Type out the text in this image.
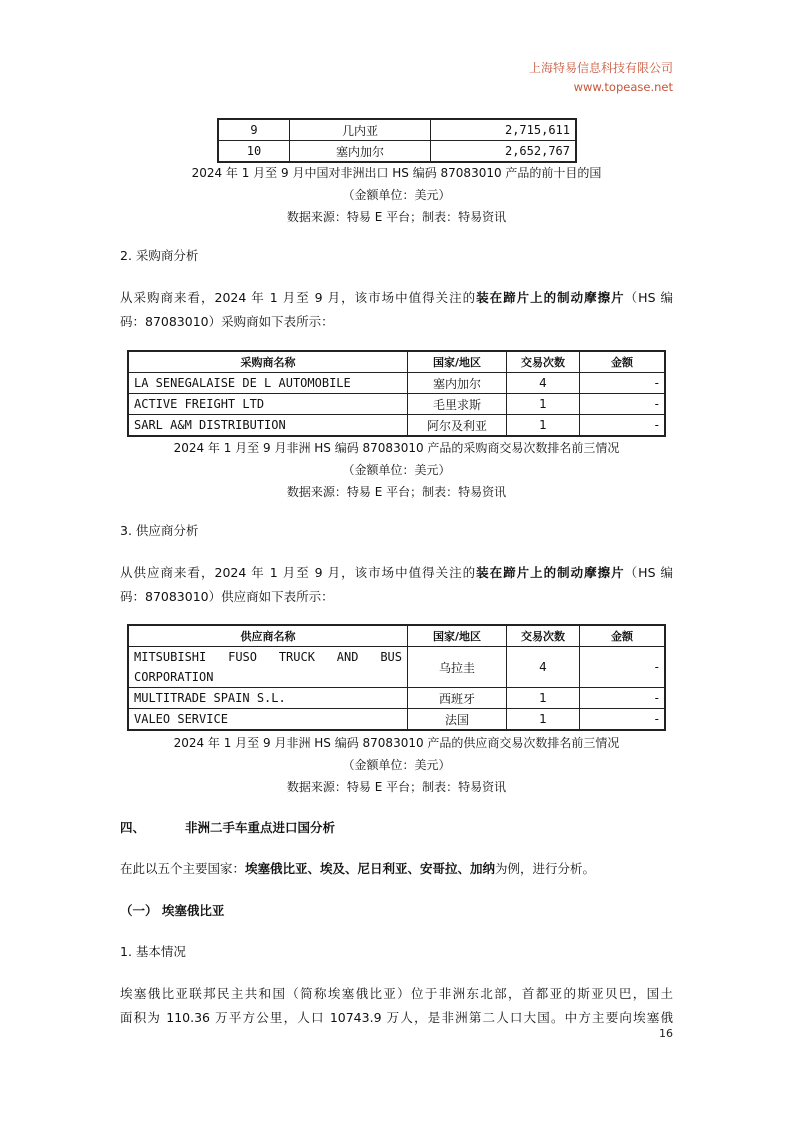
上海特易信息科技有限公司
www.topease.net
9	几内亚	2,715,611
10	塞内加尔	2,652,767
2024 年 1 月至 9 月中国对非洲出口 HS 编码 87083010 产品的前十目的国
（金额单位：美元）
数据来源：特易 E 平台；制表：特易资讯
2. 采购商分析
从采购商来看，2024 年 1 月至 9 月，该市场中值得关注的装在蹄片上的制动摩擦片（HS 编
码：87083010）采购商如下表所示：
采购商名称	国家/地区	交易次数	金额
LA SENEGALAISE DE L AUTOMOBILE	塞内加尔	4	-
ACTIVE FREIGHT LTD	毛里求斯	1	-
SARL A&M DISTRIBUTION	阿尔及利亚	1	-
2024 年 1 月至 9 月非洲 HS 编码 87083010 产品的采购商交易次数排名前三情况
（金额单位：美元）
数据来源：特易 E 平台；制表：特易资讯
3. 供应商分析
从供应商来看，2024 年 1 月至 9 月，该市场中值得关注的装在蹄片上的制动摩擦片（HS 编
码：87083010）供应商如下表所示：
供应商名称	国家/地区	交易次数	金额

MITSUBISHI FUSO TRUCK AND BUS
CORPORATION	乌拉圭	4	-
MULTITRADE SPAIN S.L.	西班牙	1	-
VALEO SERVICE	法国	1	-
2024 年 1 月至 9 月非洲 HS 编码 87083010 产品的供应商交易次数排名前三情况
（金额单位：美元）
数据来源：特易 E 平台；制表：特易资讯
四、	非洲二手车重点进口国分析
在此以五个主要国家：埃塞俄比亚、埃及、尼日利亚、安哥拉、加纳为例，进行分析。
（一） 埃塞俄比亚
1. 基本情况
埃塞俄比亚联邦民主共和国（简称埃塞俄比亚）位于非洲东北部，首都亚的斯亚贝巴，国土
面积为 110.36 万平方公里，人口 10743.9 万人，是非洲第二人口大国。中方主要向埃塞俄
16
